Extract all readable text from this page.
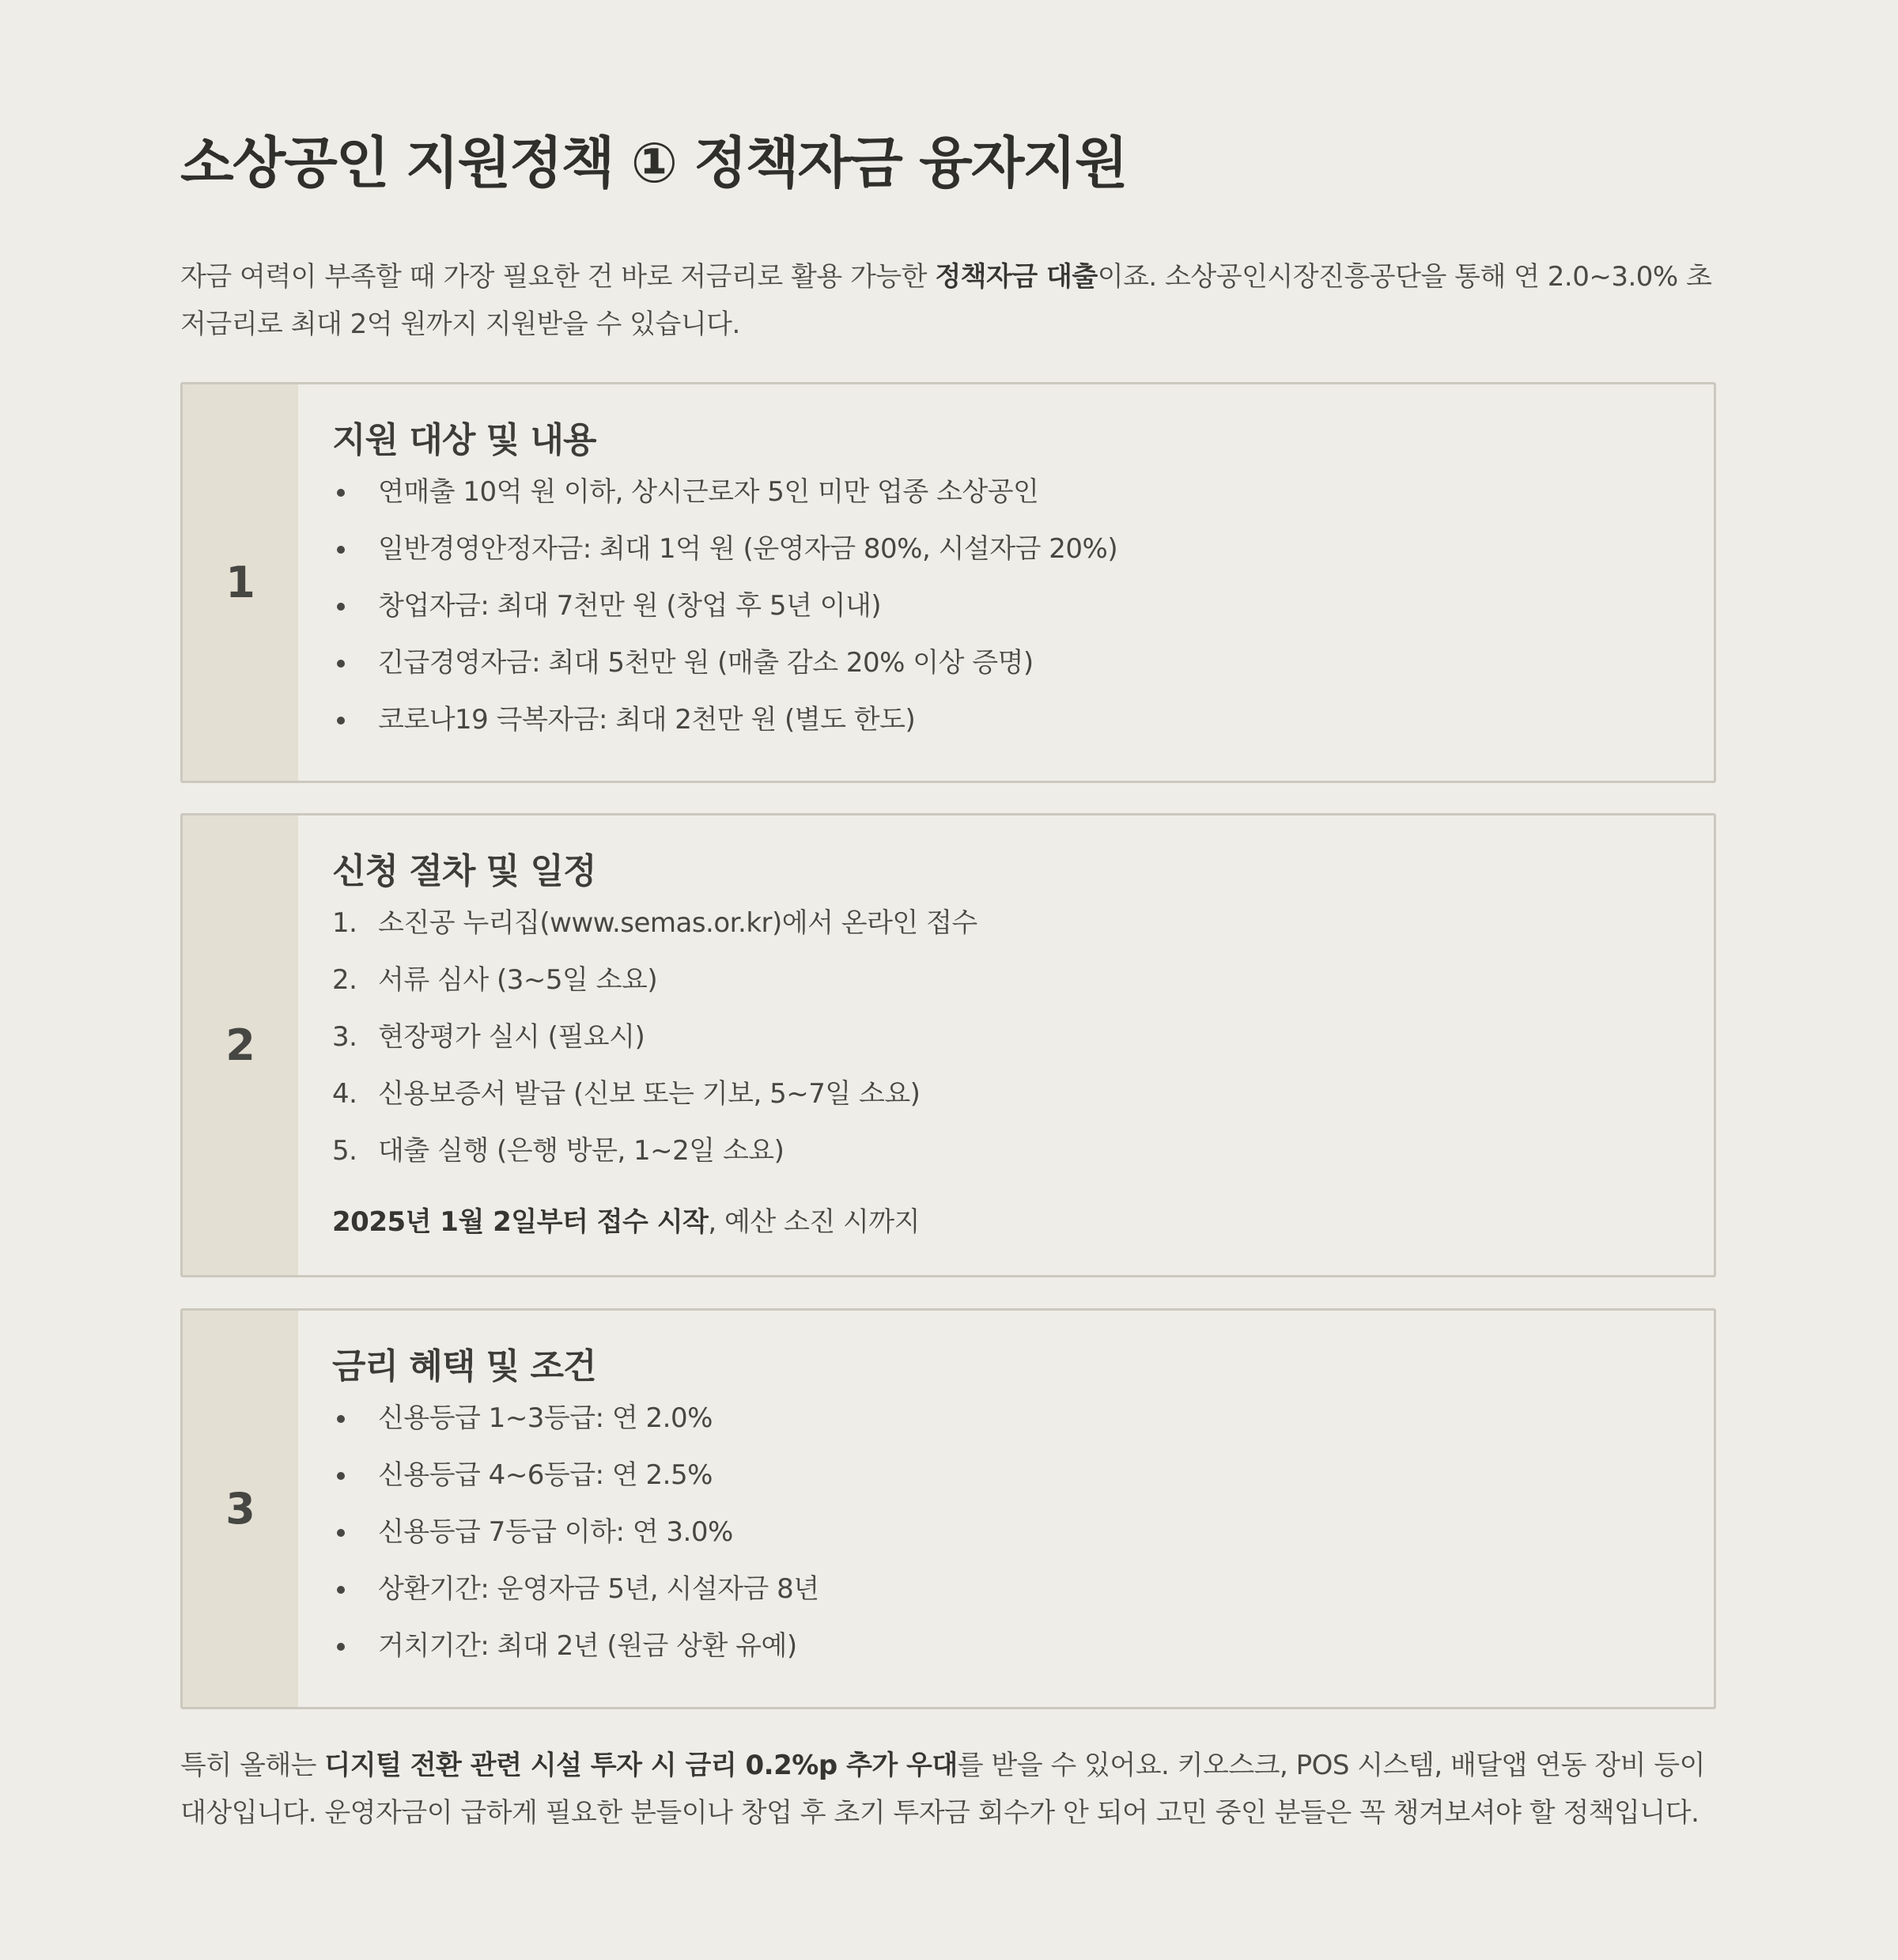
소상공인 지원정책 ① 정책자금 융자지원

자금 여력이 부족할 때 가장 필요한 건 바로 저금리로 활용 가능한 정책자금 대출이죠. 소상공인시장진흥공단을 통해 연 2.0~3.0% 초저금리로 최대 2억 원까지 지원받을 수 있습니다.

1
지원 대상 및 내용
연매출 10억 원 이하, 상시근로자 5인 미만 업종 소상공인
일반경영안정자금: 최대 1억 원 (운영자금 80%, 시설자금 20%)
창업자금: 최대 7천만 원 (창업 후 5년 이내)
긴급경영자금: 최대 5천만 원 (매출 감소 20% 이상 증명)
코로나19 극복자금: 최대 2천만 원 (별도 한도)
2
신청 절차 및 일정
1. 소진공 누리집(www.semas.or.kr)에서 온라인 접수
2. 서류 심사 (3~5일 소요)
3. 현장평가 실시 (필요시)
4. 신용보증서 발급 (신보 또는 기보, 5~7일 소요)
5. 대출 실행 (은행 방문, 1~2일 소요)

2025년 1월 2일부터 접수 시작, 예산 소진 시까지

3
금리 혜택 및 조건
신용등급 1~3등급: 연 2.0%
신용등급 4~6등급: 연 2.5%
신용등급 7등급 이하: 연 3.0%
상환기간: 운영자금 5년, 시설자금 8년
거치기간: 최대 2년 (원금 상환 유예)

특히 올해는 디지털 전환 관련 시설 투자 시 금리 0.2%p 추가 우대를 받을 수 있어요. 키오스크, POS 시스템, 배달앱 연동 장비 등이 대상입니다. 운영자금이 급하게 필요한 분들이나 창업 후 초기 투자금 회수가 안 되어 고민 중인 분들은 꼭 챙겨보셔야 할 정책입니다.
